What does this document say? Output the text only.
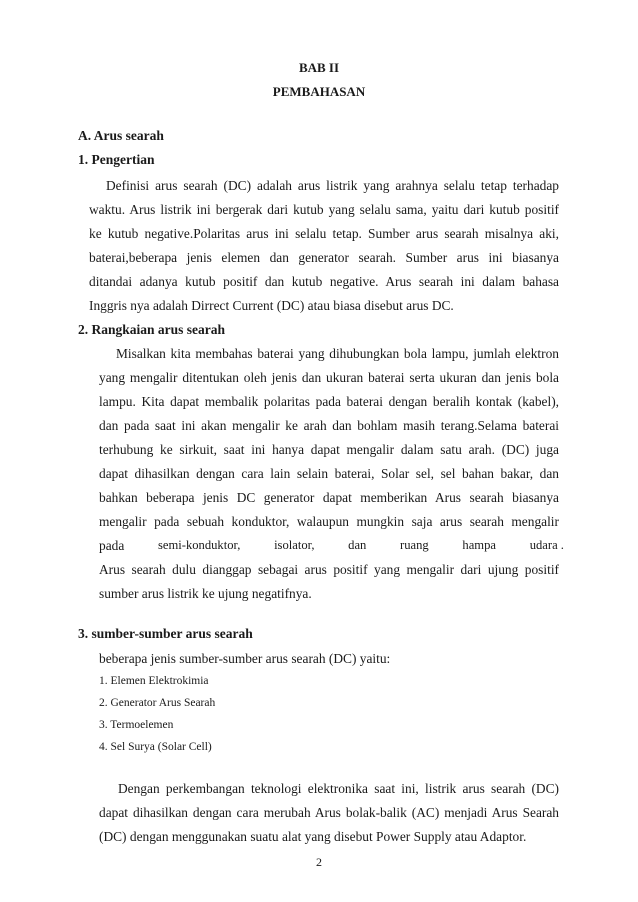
BAB II
PEMBAHASAN
A. Arus searah
1. Pengertian
Definisi arus searah (DC) adalah arus listrik yang arahnya selalu tetap terhadap
waktu. Arus listrik ini bergerak dari kutub yang selalu sama, yaitu dari kutub positif
ke kutub negative.Polaritas arus ini selalu tetap. Sumber arus searah misalnya aki,
baterai,beberapa jenis elemen dan generator searah. Sumber arus ini biasanya
ditandai adanya kutub positif dan kutub negative. Arus searah ini dalam bahasa
Inggris nya adalah Dirrect Current (DC) atau biasa disebut arus DC.
2. Rangkaian arus searah
Misalkan kita membahas baterai yang dihubungkan bola lampu, jumlah elektron
yang mengalir ditentukan oleh jenis dan ukuran baterai serta ukuran dan jenis bola
lampu. Kita dapat membalik polaritas pada baterai dengan beralih kontak (kabel),
dan pada saat ini akan mengalir ke arah dan bohlam masih terang.Selama baterai
terhubung ke sirkuit, saat ini hanya dapat mengalir dalam satu arah. (DC) juga
dapat dihasilkan dengan cara lain selain baterai, Solar sel, sel bahan bakar, dan
bahkan beberapa jenis DC generator dapat memberikan Arus searah biasanya
mengalir pada sebuah konduktor, walaupun mungkin saja arus searah mengalir
pada	semi-konduktor,	isolator,	dan	ruang	hampa	udara .
Arus searah dulu dianggap sebagai arus positif yang mengalir dari ujung positif
sumber arus listrik ke ujung negatifnya.
3. sumber-sumber arus searah
beberapa jenis sumber-sumber arus searah (DC) yaitu:
1. Elemen Elektrokimia
2. Generator Arus Searah
3. Termoelemen
4. Sel Surya (Solar Cell)
Dengan perkembangan teknologi elektronika saat ini, listrik arus searah (DC)
dapat dihasilkan dengan cara merubah Arus bolak-balik (AC) menjadi Arus Searah
(DC) dengan menggunakan suatu alat yang disebut Power Supply atau Adaptor.
2
